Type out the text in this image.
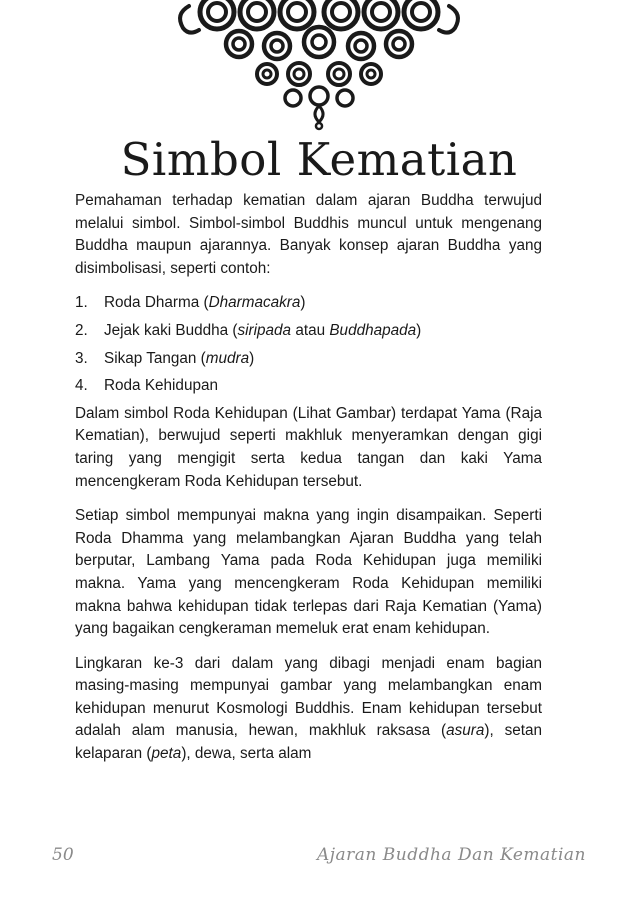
Simbol Kematian

Pemahaman terhadap kematian dalam ajaran Buddha terwujud melalui simbol. Simbol-simbol Buddhis muncul untuk mengenang Buddha maupun ajarannya. Banyak konsep ajaran Buddha yang disimbolisasi, seperti contoh:

1.	Roda Dharma (Dharmacakra)
2.	Jejak kaki Buddha (siripada atau Buddhapada)
3.	Sikap Tangan (mudra)
4.	Roda Kehidupan

Dalam simbol Roda Kehidupan (Lihat Gambar) terdapat Yama (Raja Kematian), berwujud seperti makhluk menyeramkan dengan gigi taring yang mengigit serta kedua tangan dan kaki Yama mencengkeram Roda Kehidupan tersebut.

Setiap simbol mempunyai makna yang ingin disampaikan. Seperti Roda Dhamma yang melambangkan Ajaran Buddha yang telah berputar, Lambang Yama pada Roda Kehidupan juga memiliki makna. Yama yang mencengkeram Roda Kehidupan memiliki makna bahwa kehidupan tidak terlepas dari Raja Kematian (Yama) yang bagaikan cengkeraman memeluk erat enam kehidupan.

Lingkaran ke-3 dari dalam yang dibagi menjadi enam bagian masing-masing mempunyai gambar yang melambangkan enam kehidupan menurut Kosmologi Buddhis. Enam kehidupan tersebut adalah alam manusia, hewan, makhluk raksasa (asura), setan kelaparan (peta), dewa, serta alam

50	Ajaran Buddha Dan Kematian
